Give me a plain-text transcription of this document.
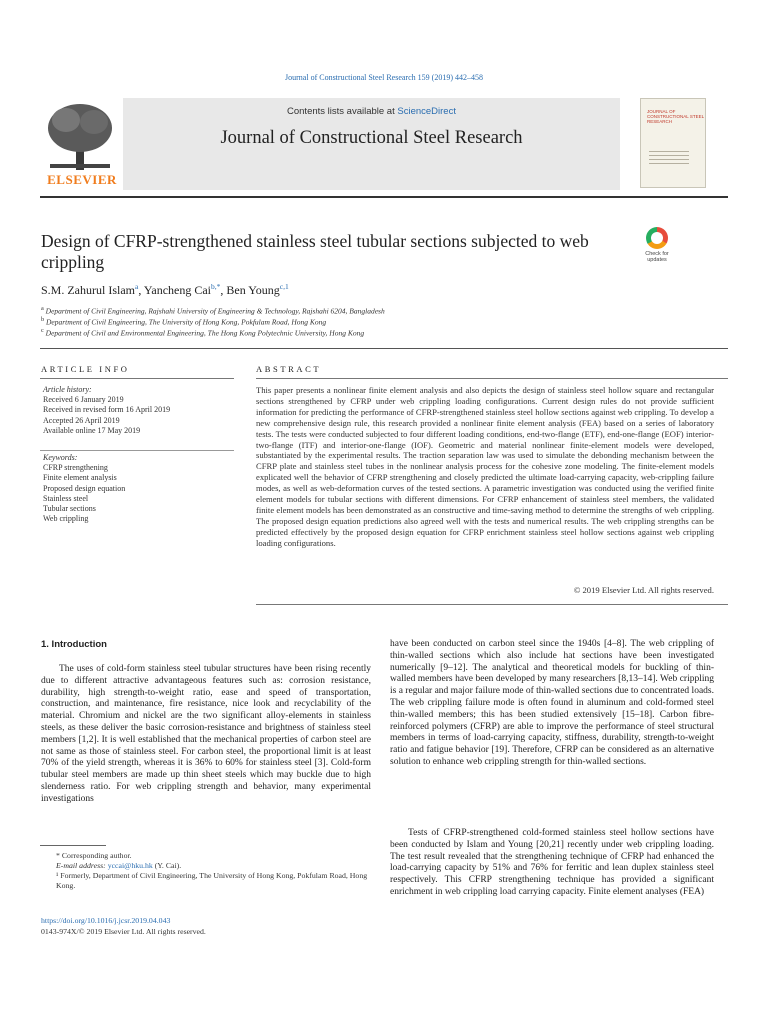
Journal of Constructional Steel Research 159 (2019) 442–458
Contents lists available at ScienceDirect
Journal of Constructional Steel Research
ELSEVIER
JOURNAL OF CONSTRUCTIONAL STEEL RESEARCH
Design of CFRP-strengthened stainless steel tubular sections subjected to web crippling	Check for updates
S.M. Zahurul Islam$^a$, Yancheng Cai$^{b,*}$, Ben Young$^{c,1}$
$^a$ Department of Civil Engineering, Rajshahi University of Engineering & Technology, Rajshahi 6204, Bangladesh
$^b$ Department of Civil Engineering, The University of Hong Kong, Pokfulam Road, Hong Kong
$^c$ Department of Civil and Environmental Engineering, The Hong Kong Polytechnic University, Hong Kong
ARTICLE INFO	ABSTRACT
Article history:
Received 6 January 2019
Received in revised form 16 April 2019
Accepted 26 April 2019
Available online 17 May 2019
Keywords:
CFRP strengthening
Finite element analysis
Proposed design equation
Stainless steel
Tubular sections
Web crippling
This paper presents a nonlinear finite element analysis and also depicts the design of stainless steel hollow square and rectangular sections strengthened by CFRP under web crippling loading configurations. Current design rules do not provide sufficient information for predicting the performance of CFRP-strengthened stainless steel hollow sections against web crippling. To develop a new comprehensive design rule, this research provided a nonlinear finite element analysis (FEA) based on a series of laboratory tests. The tests were conducted subjected to four different loading conditions, end-two-flange (ETF), end-one-flange (EOF) interior-two-flange (ITF) and interior-one-flange (IOF). Geometric and material nonlinear finite-element models were developed, substantiated by the experimental results. The traction separation law was used to simulate the debonding mechanism between the CFRP plate and stainless steel tubes in the nonlinear analysis process for the cohesive zone modeling. The finite-element models explicated well the behavior of CFRP strengthening and closely predicted the ultimate load-carrying capacity, web-crippling failure modes, as well as web-deformation curves of the tested sections. A parametric investigation was conducted using the verified finite element models for tubular sections with different dimensions. For CFRP enhancement of stainless steel members, the validated finite element models has been demonstrated as an constructive and time-saving method to determine the strengths of web crippling. The proposed design equation predictions also agreed well with the tests and numerical results. The web crippling strengths can be predicted effectively by the proposed design equation for CFRP enrichment stainless steel hollow sections against web crippling loading configurations.
© 2019 Elsevier Ltd. All rights reserved.
1. Introduction
The uses of cold-form stainless steel tubular structures have been rising recently due to different attractive advantageous features such as: corrosion resistance, durability, high strength-to-weight ratio, ease and speed of transportation, construction, and maintenance, fire resistance, nice look and recyclability of the material. Chromium and nickel are the two significant alloy-elements in stainless steels, as these deliver the basic corrosion-resistance and brightness of stainless steel members [1,2]. It is well established that the mechanical properties of carbon steel are not same as those of stainless steel. For carbon steel, the proportional limit is at least 70% of the yield strength, whereas it is 36% to 60% for stainless steel [3]. Cold-form tubular steel members are made up thin sheet steels which may buckle due to high slenderness ratio. For web crippling strength and behavior, many experimental investigations
have been conducted on carbon steel since the 1940s [4–8]. The web crippling of thin-walled sections which also include hat sections have been investigated numerically [9–12]. The analytical and theoretical models for buckling of thin-walled members have been developed by many researchers [8,13–14]. Web crippling is a regular and major failure mode of thin-walled sections due to concentrated loads. The web crippling failure mode is often found in aluminum and cold-formed steel thin-walled members; this has been studied extensively [15–18]. Carbon fibre-reinforced polymers (CFRP) are able to improve the performance of steel structural members in terms of load-carrying capacity, stiffness, durability, strength-to-weight ratio and fatigue behavior [19]. Therefore, CFRP can be considered as an alternative solution to enhance web crippling strength for thin-walled sections.
Tests of CFRP-strengthened cold-formed stainless steel hollow sections have been conducted by Islam and Young [20,21] recently under web crippling loading. The test result revealed that the strengthening technique of CFRP had enhanced the load-carrying capacity by 51% and 76% for ferritic and lean duplex stainless steel respectively. This CFRP strengthening technique has provided a significant enrichment in web crippling load carrying capacity. Finite element analyses (FEA)
* Corresponding author.
E-mail address: yccai@hku.hk (Y. Cai).
¹ Formerly, Department of Civil Engineering, The University of Hong Kong, Pokfulam Road, Hong Kong.
https://doi.org/10.1016/j.jcsr.2019.04.043
0143-974X/© 2019 Elsevier Ltd. All rights reserved.
